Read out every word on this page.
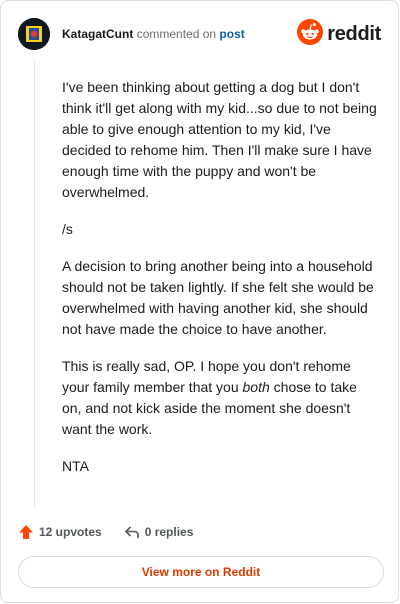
KatagatCunt commented on post	reddit

I've been thinking about getting a dog but I don't think it'll get along with my kid...so due to not being able to give enough attention to my kid, I've decided to rehome him. Then I'll make sure I have enough time with the puppy and won't be overwhelmed.

/s

A decision to bring another being into a household should not be taken lightly. If she felt she would be overwhelmed with having another kid, she should not have made the choice to have another.

This is really sad, OP. I hope you don't rehome your family member that you both chose to take on, and not kick aside the moment she doesn't want the work.

NTA

12 upvotes	0 replies
View more on Reddit
